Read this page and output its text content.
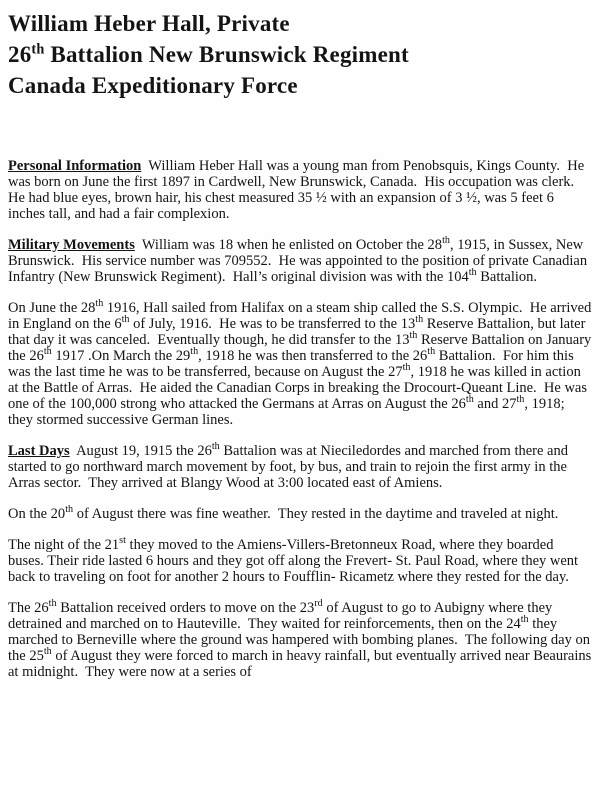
William Heber Hall, Private
26th Battalion New Brunswick Regiment
Canada Expeditionary Force
Personal Information  William Heber Hall was a young man from Penobsquis, Kings County.  He was born on June the first 1897 in Cardwell, New Brunswick, Canada.  His occupation was clerk.  He had blue eyes, brown hair, his chest measured 35 ½ with an expansion of 3 ½, was 5 feet 6 inches tall, and had a fair complexion.
Military Movements  William was 18 when he enlisted on October the 28th, 1915, in Sussex, New Brunswick.  His service number was 709552.  He was appointed to the position of private Canadian Infantry (New Brunswick Regiment).  Hall’s original division was with the 104th Battalion.
On June the 28th 1916, Hall sailed from Halifax on a steam ship called the S.S. Olympic.  He arrived in England on the 6th of July, 1916.  He was to be transferred to the 13th Reserve Battalion, but later that day it was canceled.  Eventually though, he did transfer to the 13th Reserve Battalion on January the 26th 1917 .On March the 29th, 1918 he was then transferred to the 26th Battalion.  For him this was the last time he was to be transferred, because on August the 27th, 1918 he was killed in action at the Battle of Arras.  He aided the Canadian Corps in breaking the Drocourt-Queant Line.  He was one of the 100,000 strong who attacked the Germans at Arras on August the 26th and 27th, 1918; they stormed successive German lines.
Last Days  August 19, 1915 the 26th Battalion was at Nieciledordes and marched from there and started to go northward march movement by foot, by bus, and train to rejoin the first army in the Arras sector.  They arrived at Blangy Wood at 3:00 located east of Amiens.
On the 20th of August there was fine weather.  They rested in the daytime and traveled at night.
The night of the 21st they moved to the Amiens-Villers-Bretonneux Road, where they boarded buses. Their ride lasted 6 hours and they got off along the Frevert- St. Paul Road, where they went back to traveling on foot for another 2 hours to Foufflin- Ricametz where they rested for the day.
The 26th Battalion received orders to move on the 23rd of August to go to Aubigny where they detrained and marched on to Hauteville.  They waited for reinforcements, then on the 24th they marched to Berneville where the ground was hampered with bombing planes.  The following day on the 25th of August they were forced to march in heavy rainfall, but eventually arrived near Beaurains at midnight.  They were now at a series of
